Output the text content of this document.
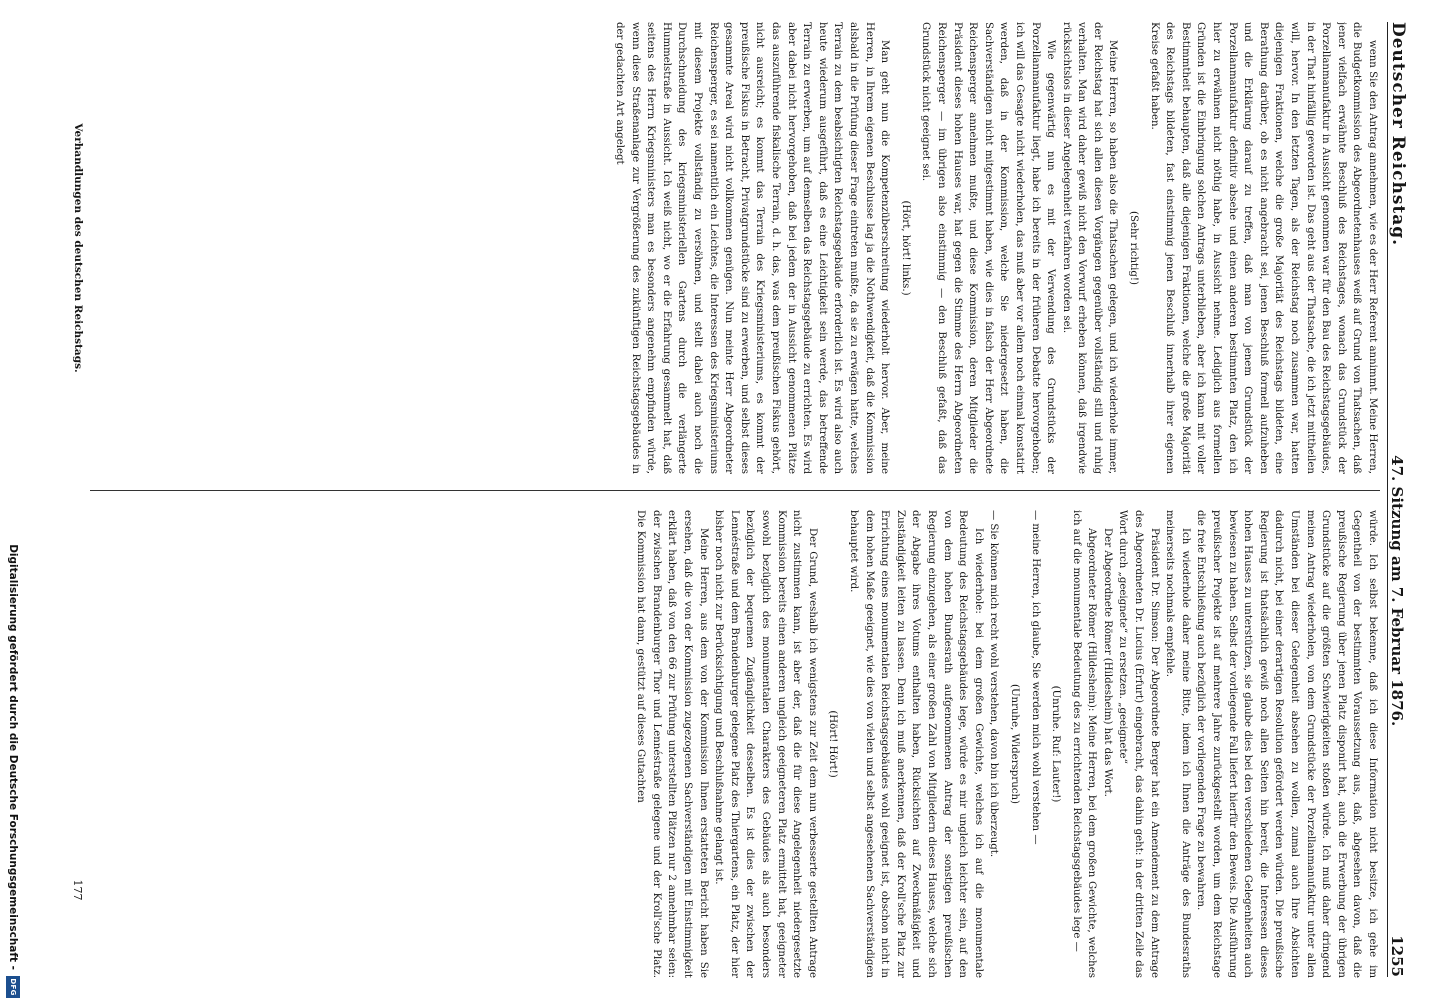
Deutscher Reichstag.
47. Sitzung am 7. Februar 1876.
1255

wenn Sie den Antrag annehmen, wie es der Herr Referent annimmt. Meine Herren, die Budgetkommission des Abgeordnetenhauses weiß auf Grund von Thatsachen, daß jener vielfach erwähnte Beschluß des Reichstages, wonach das Grundstück der Porzellanmanufaktur in Aussicht genommen war für den Bau des Reichstagsgebäudes, in der That hinfällig geworden ist. Das geht aus der Thatsache, die ich jetzt mittheilen will, hervor. In den letzten Tagen, als der Reichstag noch zusammen war, hatten diejenigen Fraktionen, welche die große Majorität des Reichstags bildeten, eine Berathung darüber, ob es nicht angebracht sei, jenen Beschluß formell aufzuheben und die Erklärung darauf zu treffen, daß man von jenem Grundstück der Porzellanmanufaktur definitiv absehe und einen anderen bestimmten Platz, den ich hier zu erwähnen nicht nöthig habe, in Aussicht nehme. Lediglich aus formellen Gründen ist die Einbringung solchen Antrags unterblieben, aber ich kann mit voller Bestimmtheit behaupten, daß alle diejenigen Fraktionen, welche die große Majorität des Reichstags bildeten, fast einstimmig jenen Beschluß innerhalb ihrer eigenen Kreise gefaßt haben.

(Sehr richtig!)

Meine Herren, so haben also die Thatsachen gelegen, und ich wiederhole immer, der Reichstag hat sich allen diesen Vorgängen gegenüber vollständig still und ruhig verhalten. Man wird daher gewiß nicht den Vorwurf erheben können, daß irgendwie rücksichtslos in dieser Angelegenheit verfahren worden sei.

Wie gegenwärtig nun es mit der Verwendung des Grundstücks der Porzellanmanufaktur liegt, habe ich bereits in der früheren Debatte hervorgehoben; ich will das Gesagte nicht wiederholen, das muß aber vor allem noch einmal konstatirt werden, daß in der Kommission, welche Sie niedergesetzt haben, die Sachverständigen nicht mitgestimmt haben, wie dies in falsch der Herr Abgeordnete Reichensperger annehmen mußte, und diese Kommission, deren Mitglieder die Präsident dieses hohen Hauses war, hat gegen die Stimme des Herrn Abgeordneten Reichensperger — im übrigen also einstimmig — den Beschluß gefaßt, daß das Grundstück nicht geeignet sei.

(Hört, hört! links.)

Man geht nun die Kompetenzüberschreitung wiederholt hervor. Aber, meine Herren, in Ihrem eigenen Beschlusse lag ja die Nothwendigkeit, daß die Kommission alsbald in die Prüfung dieser Frage eintreten mußte, da sie zu erwägen hatte, welches Terrain zu dem beabsichtigten Reichstagsgebäude erforderlich ist. Es wird also auch heute wiederum ausgeführt, daß es eine Leichtigkeit sein werde, das betreffende Terrain zu erwerben, um auf demselben das Reichstagsgebäude zu errichten. Es wird aber dabei nicht hervorgehoben, daß bei jedem der in Aussicht genommenen Plätze das auszuführende fiskalische Terrain, d. h. das, was dem preußischen Fiskus gehört, nicht ausreicht; es kommt das Terrain des Kriegsministeriums, es kommt der preußische Fiskus in Betracht, Privatgrundstücke sind zu erwerben, und selbst dieses gesammte Areal wird nicht vollkommen genügen. Nun meinte Herr Abgeordneter Reichensperger, es sei namentlich ein Leichtes, die Interessen des Kriegsministeriums mit diesem Projekte vollständig zu versöhnen, und stellt dabei auch noch die Durchschneidung des kriegsministeriellen Gartens durch die verlängerte Hummelstraße in Aussicht. Ich weiß nicht, wo er die Erfahrung gesammelt hat, daß seitens des Herrn Kriegsministers man es besonders angenehm empfinden würde, wenn diese Straßenanlage zur Vergrößerung des zukünftigen Reichstagsgebäudes in der gedachten Art angelegt

würde. Ich selbst bekenne, daß ich diese Information nicht besitze, ich gehe im Gegentheil von der bestimmten Voraussetzung aus, daß, abgesehen davon, daß die preußische Regierung über jenen Platz disponirt hat, auch die Erwerbung der übrigen Grundstücke auf die größten Schwierigkeiten stoßen würde. Ich muß daher dringend meinen Antrag wiederholen, von dem Grundstücke der Porzellanmanufaktur unter allen Umständen bei dieser Gelegenheit absehen zu wollen, zumal auch Ihre Absichten dadurch nicht, bei einer derartigen Resolution gefördert werden würden. Die preußische Regierung ist thatsächlich gewiß noch allen Seiten hin bereit, die Interessen dieses hohen Hauses zu unterstützen, sie glaube dies bei den verschiedenen Gelegenheiten auch bewiesen zu haben. Selbst der vorliegende Fall liefert hierfür den Beweis. Die Ausführung preußischer Projekte ist auf mehrere Jahre zurückgestellt worden, um dem Reichstage die freie Entschließung auch bezüglich der vorliegenden Frage zu bewahren.

Ich wiederhole daher meine Bitte, indem ich Ihnen die Anträge des Bundesraths meinerseits nochmals empfehle.

Präsident Dr. Simson: Der Abgeordnete Berger hat ein Amendement zu dem Antrage des Abgeordneten Dr. Lucius (Erfurt) eingebracht, das dahin geht: in der dritten Zeile das Wort durch „geeignete“ zu ersetzen. „geeignete“

Der Abgeordnete Römer (Hildesheim) hat das Wort.

Abgeordneter Römer (Hildesheim): Meine Herren, bei dem großen Gewichte, welches ich auf die monumentale Bedeutung des zu errichtenden Reichstagsgebäudes lege —

(Unruhe. Ruf: Lauter!)

— meine Herren, ich glaube, Sie werden mich wohl verstehen —

(Unruhe, Widerspruch)

— Sie können mich recht wohl verstehen, davon bin ich überzeugt.

Ich wiederhole: bei dem großen Gewichte, welches ich auf die monumentale Bedeutung des Reichstagsgebäudes lege, würde es mir ungleich leichter sein, auf den von dem hohen Bundesrath aufgenommenen Antrag der sonstigen preußischen Regierung einzugehen, als einer großen Zahl von Mitgliedern dieses Hauses, welche sich der Abgabe ihres Votums enthalten haben, Rücksichten auf Zweckmäßigkeit und Zuständigkeit leiten zu lassen. Denn ich muß anerkennen, daß der Kroll'sche Platz zur Errichtung eines monumentalen Reichstagsgebäudes wohl geeignet ist, obschon nicht in dem hohen Maße geeignet, wie dies von vielen und selbst angesehenen Sachverständigen behauptet wird.

(Hört! Hört!)

Der Grund, weshalb ich wenigstens zur Zeit dem nun verbesserte gestellten Antrage nicht zustimmen kann, ist aber der, daß die für diese Angelegenheit niedergesetzte Kommission bereits einen anderen ungleich geeigneteren Platz ermittelt hat, geeigneter sowohl bezüglich des monumentalen Charakters des Gebäudes als auch besonders bezüglich der bequemen Zugänglichkeit desselben. Es ist dies der zwischen der Lennéstraße und dem Brandenburger gelegene Platz des Thiergartens, ein Platz, der hier bisher noch nicht zur Berücksichtigung und Beschlußnahme gelangt ist.

Meine Herren, aus dem von der Kommission Ihnen erstatteten Bericht haben Sie ersehen, daß die von der Kommission zugezogenen Sachverständigen mit Einstimmigkeit erklärt haben, daß von den 66 zur Prüfung unterstellten Plätzen nur 2 annehmbar seien: der zwischen Brandenburger Thor und Lennéstraße gelegene und der Kroll'sche Platz. Die Kommission hat dann, gestützt auf dieses Gutachten

Verhandlungen des deutschen Reichstags.
177
Digitalisierung gefördert durch die Deutsche Forschungsgemeinschaft -
DFG
